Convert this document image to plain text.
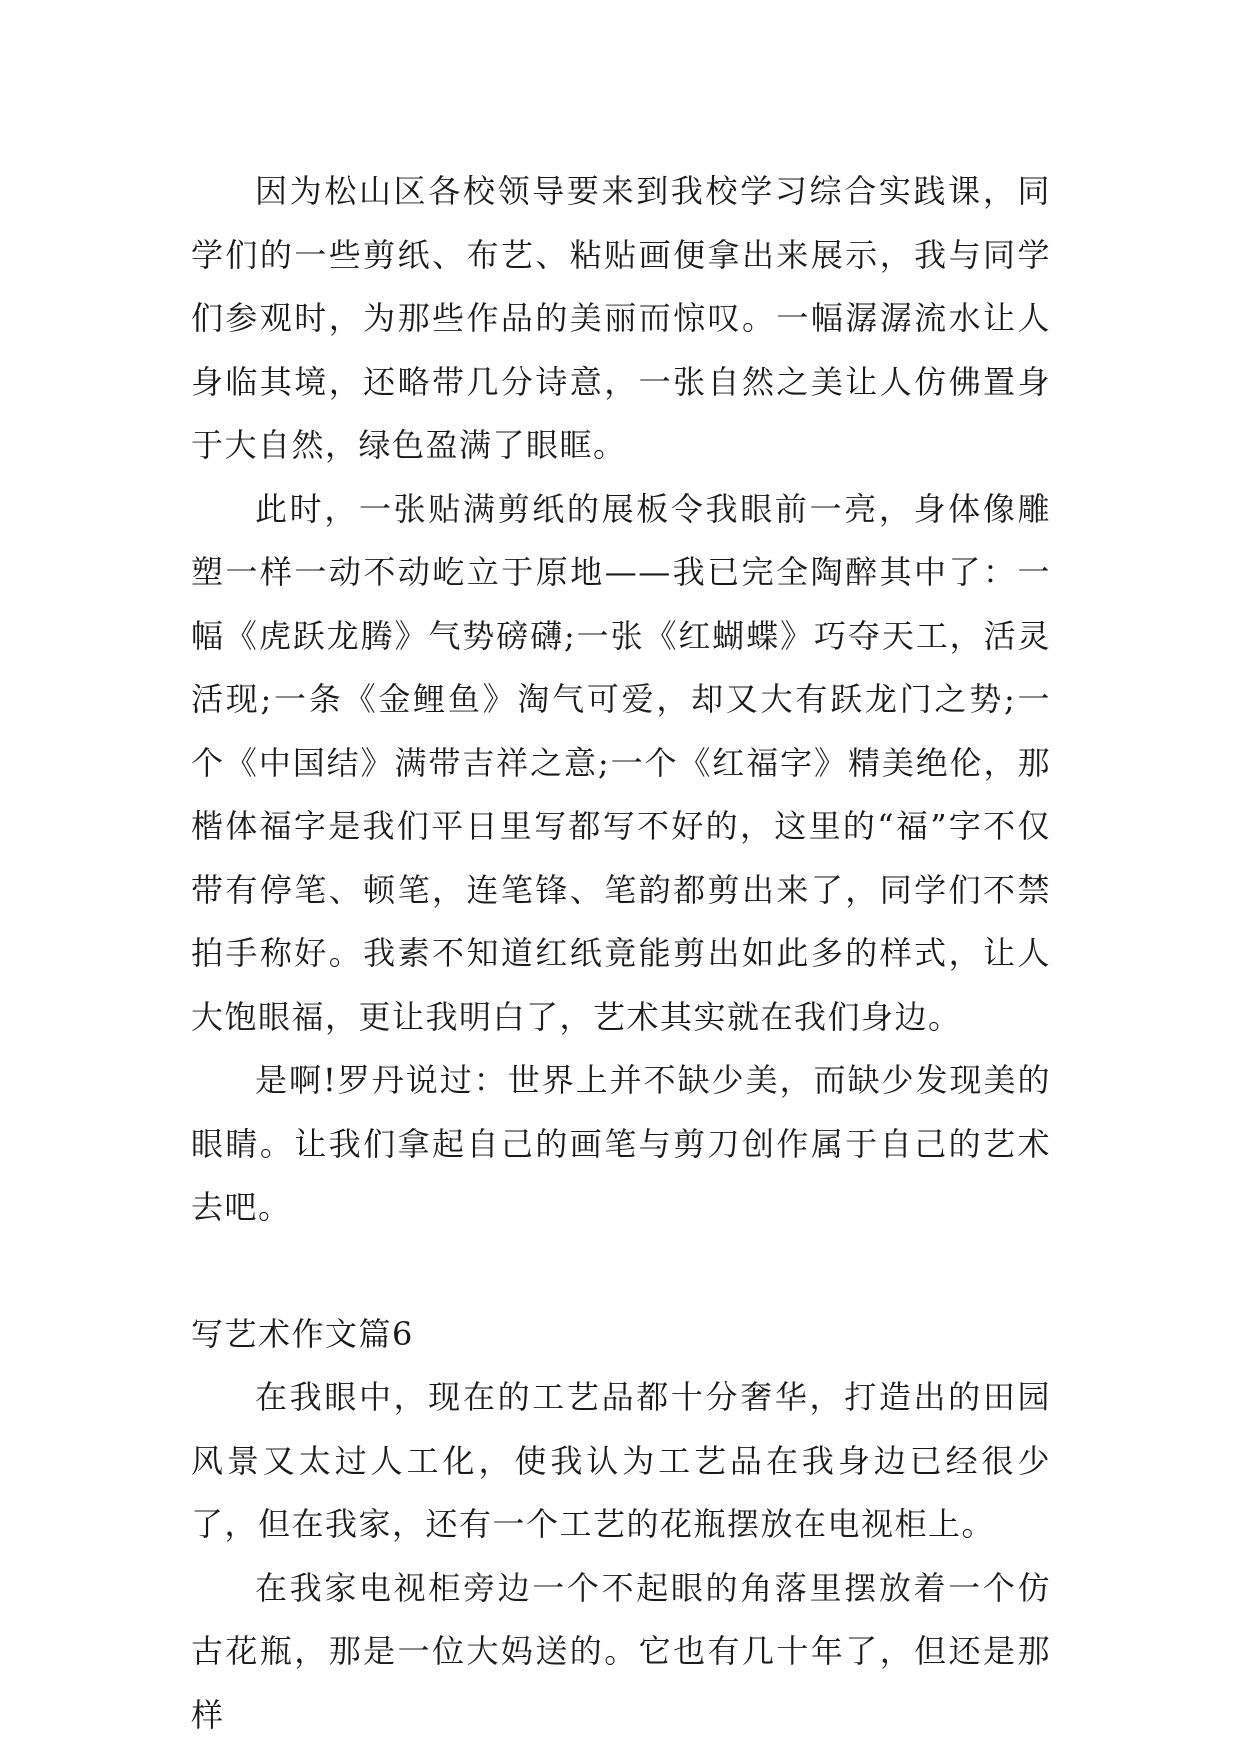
因为松山区各校领导要来到我校学习综合实践课，同学们的一些剪纸、布艺、粘贴画便拿出来展示，我与同学们参观时，为那些作品的美丽而惊叹。一幅潺潺流水让人身临其境，还略带几分诗意，一张自然之美让人仿佛置身于大自然，绿色盈满了眼眶。

此时，一张贴满剪纸的展板令我眼前一亮，身体像雕塑一样一动不动屹立于原地——我已完全陶醉其中了：一幅《虎跃龙腾》气势磅礴;一张《红蝴蝶》巧夺天工，活灵活现;一条《金鲤鱼》淘气可爱，却又大有跃龙门之势;一个《中国结》满带吉祥之意;一个《红福字》精美绝伦，那楷体福字是我们平日里写都写不好的，这里的“福”字不仅带有停笔、顿笔，连笔锋、笔韵都剪出来了，同学们不禁拍手称好。我素不知道红纸竟能剪出如此多的样式，让人大饱眼福，更让我明白了，艺术其实就在我们身边。

是啊!罗丹说过：世界上并不缺少美，而缺少发现美的眼睛。让我们拿起自己的画笔与剪刀创作属于自己的艺术去吧。

写艺术作文篇6

在我眼中，现在的工艺品都十分奢华，打造出的田园风景又太过人工化，使我认为工艺品在我身边已经很少了，但在我家，还有一个工艺的花瓶摆放在电视柜上。

在我家电视柜旁边一个不起眼的角落里摆放着一个仿古花瓶，那是一位大妈送的。它也有几十年了，但还是那样
